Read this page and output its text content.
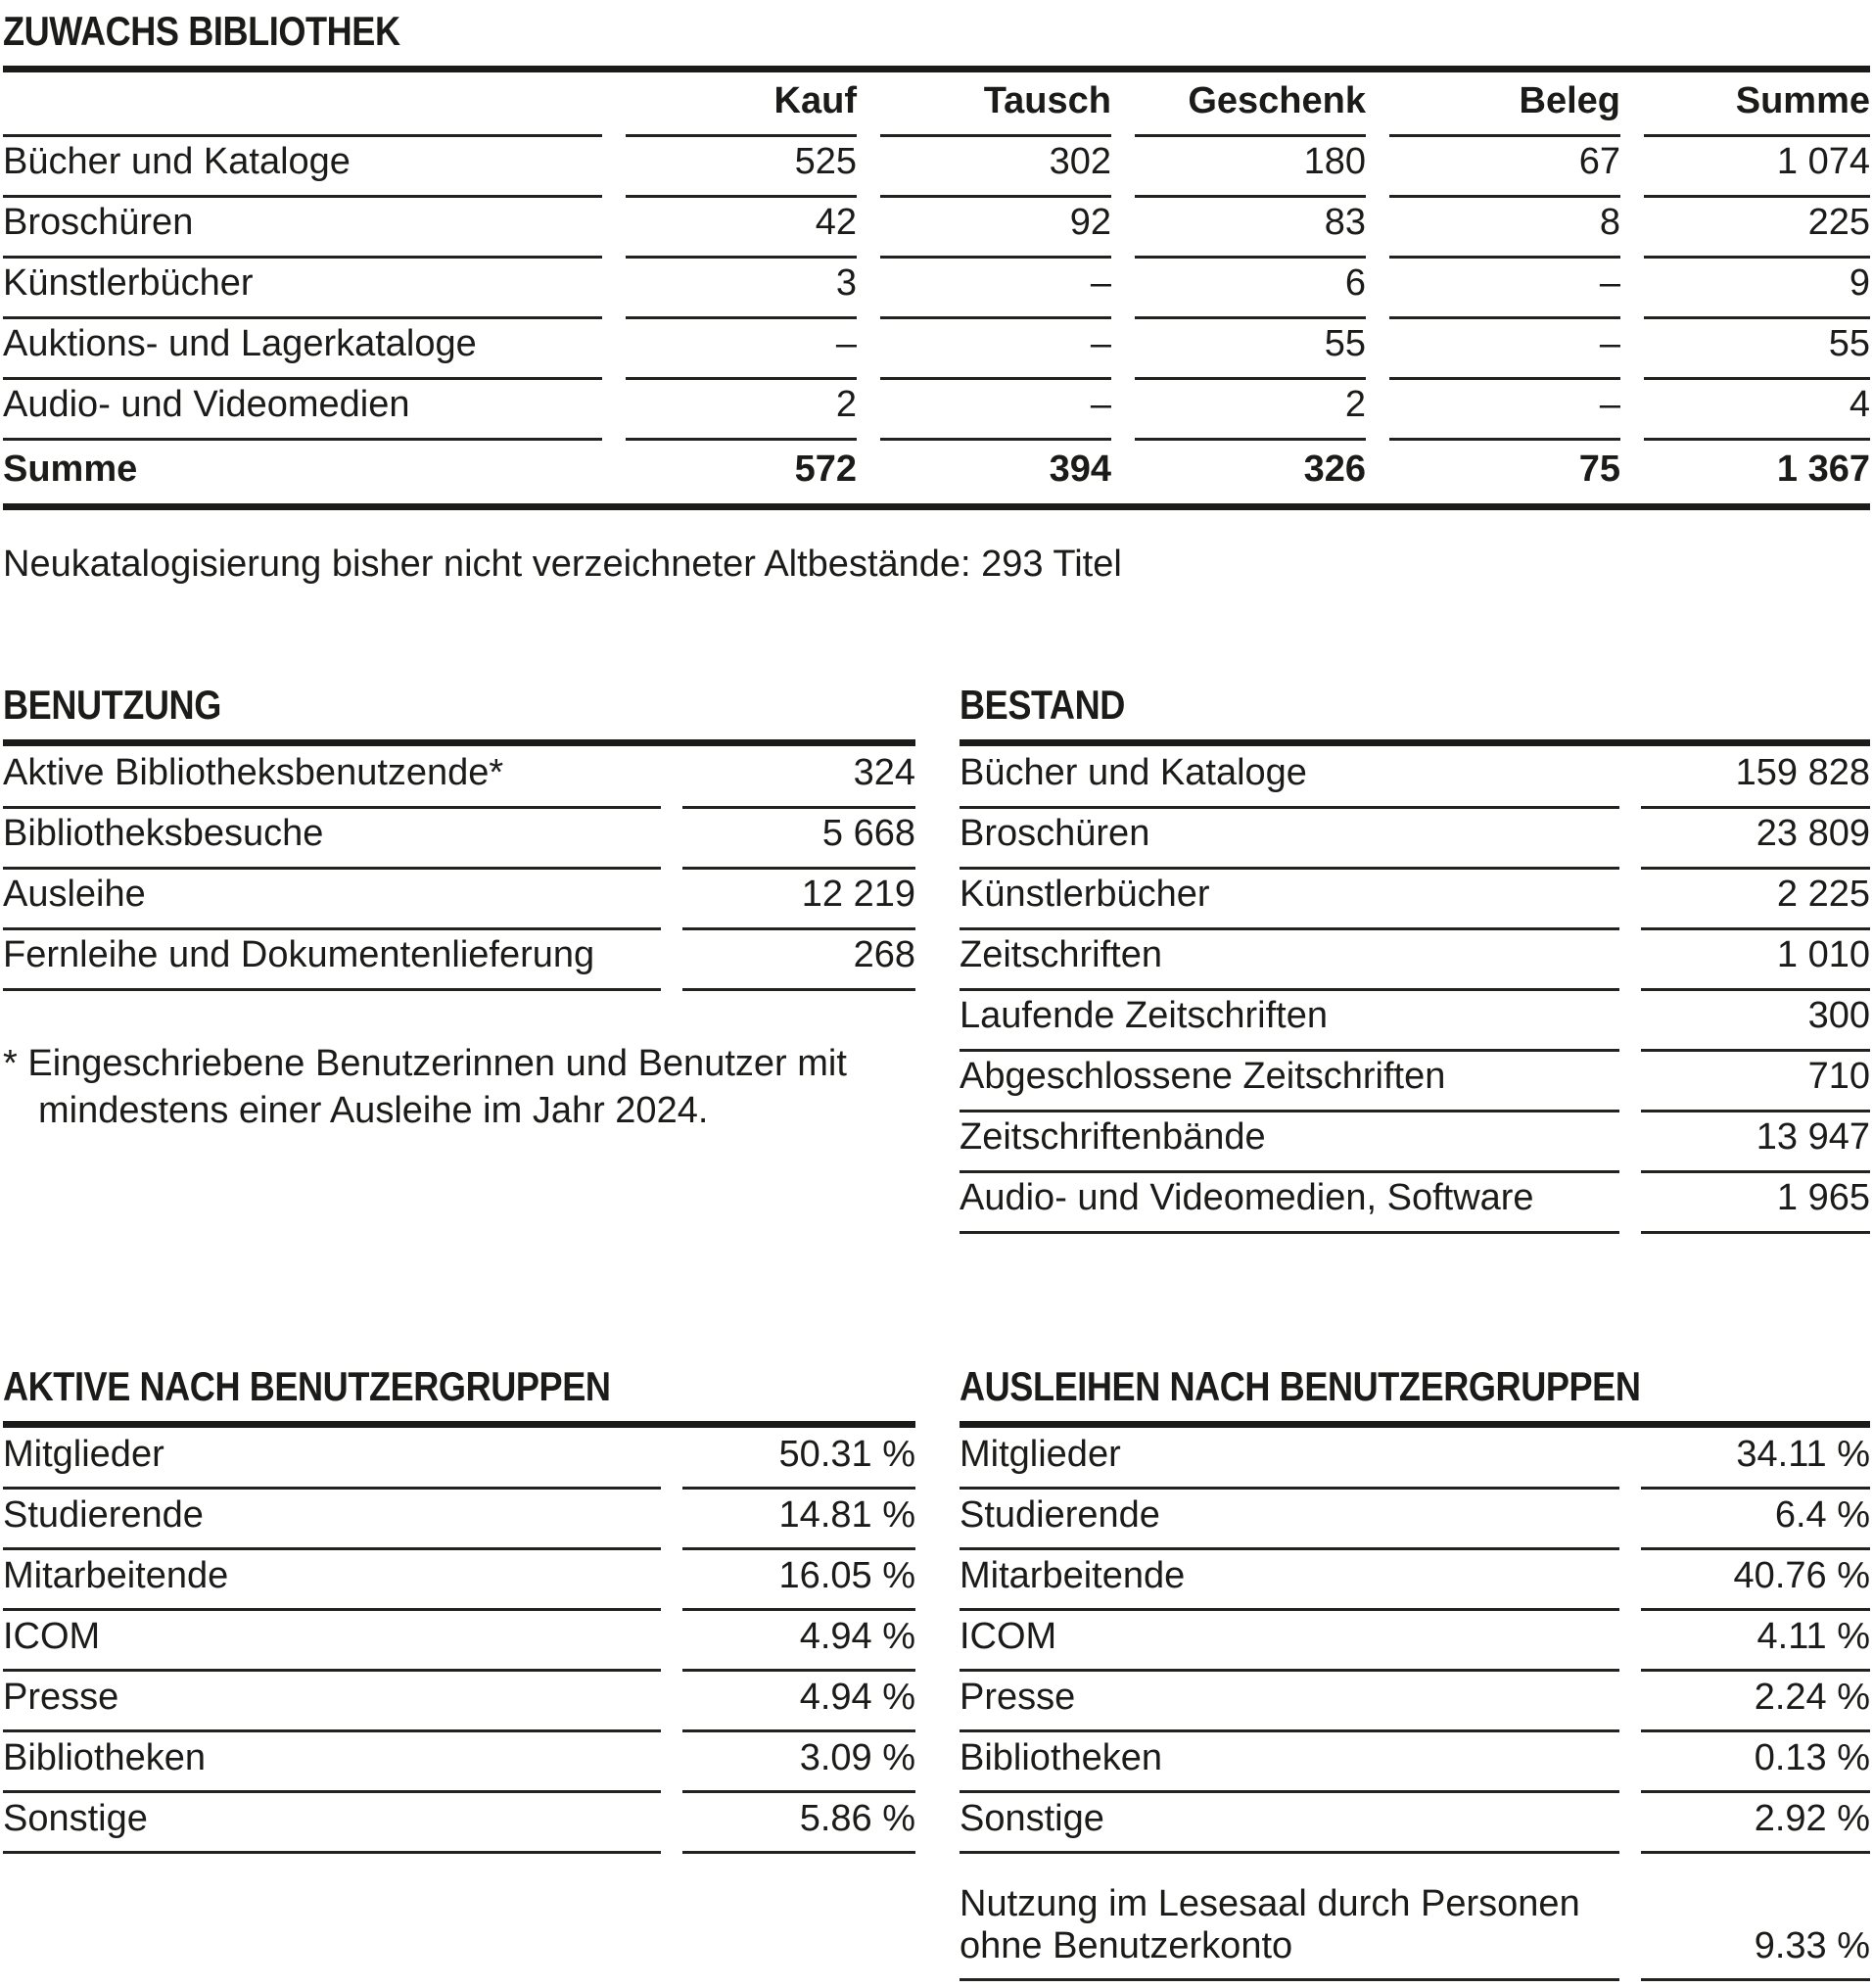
ZUWACHS BIBLIOTHEK
		Kauf		Tausch		Geschenk		Beleg		Summe
Bücher und Kataloge		525		302		180		67		1 074
Broschüren		42		92		83		8		225
Künstlerbücher		3		–		6		–		9
Auktions- und Lagerkataloge		–		–		55		–		55
Audio- und Videomedien		2		–		2		–		4
Summe		572		394		326		75		1 367

Neukatalogisierung bisher nicht verzeichneter Altbestände: 293 Titel

BENUTZUNG
Aktive Bibliotheksbenutzende*		324
Bibliotheksbesuche		5 668
Ausleihe		12 219
Fernleihe und Dokumentenlieferung		268

* Eingeschriebene Benutzerinnen und Benutzer mit
mindestens einer Ausleihe im Jahr 2024.

BESTAND
Bücher und Kataloge		159 828
Broschüren		23 809
Künstlerbücher		2 225
Zeitschriften		1 010
Laufende Zeitschriften		300
Abgeschlossene Zeitschriften		710
Zeitschriftenbände		13 947
Audio- und Videomedien, Software		1 965
AKTIVE NACH BENUTZERGRUPPEN
Mitglieder		50.31 %
Studierende		14.81 %
Mitarbeitende		16.05 %
ICOM		4.94 %
Presse		4.94 %
Bibliotheken		3.09 %
Sonstige		5.86 %
AUSLEIHEN NACH BENUTZERGRUPPEN
Mitglieder		34.11 %
Studierende		6.4 %
Mitarbeitende		40.76 %
ICOM		4.11 %
Presse		2.24 %
Bibliotheken		0.13 %
Sonstige		2.92 %

Nutzung im Lesesaal durch Personen
ohne Benutzerkonto		9.33 %
